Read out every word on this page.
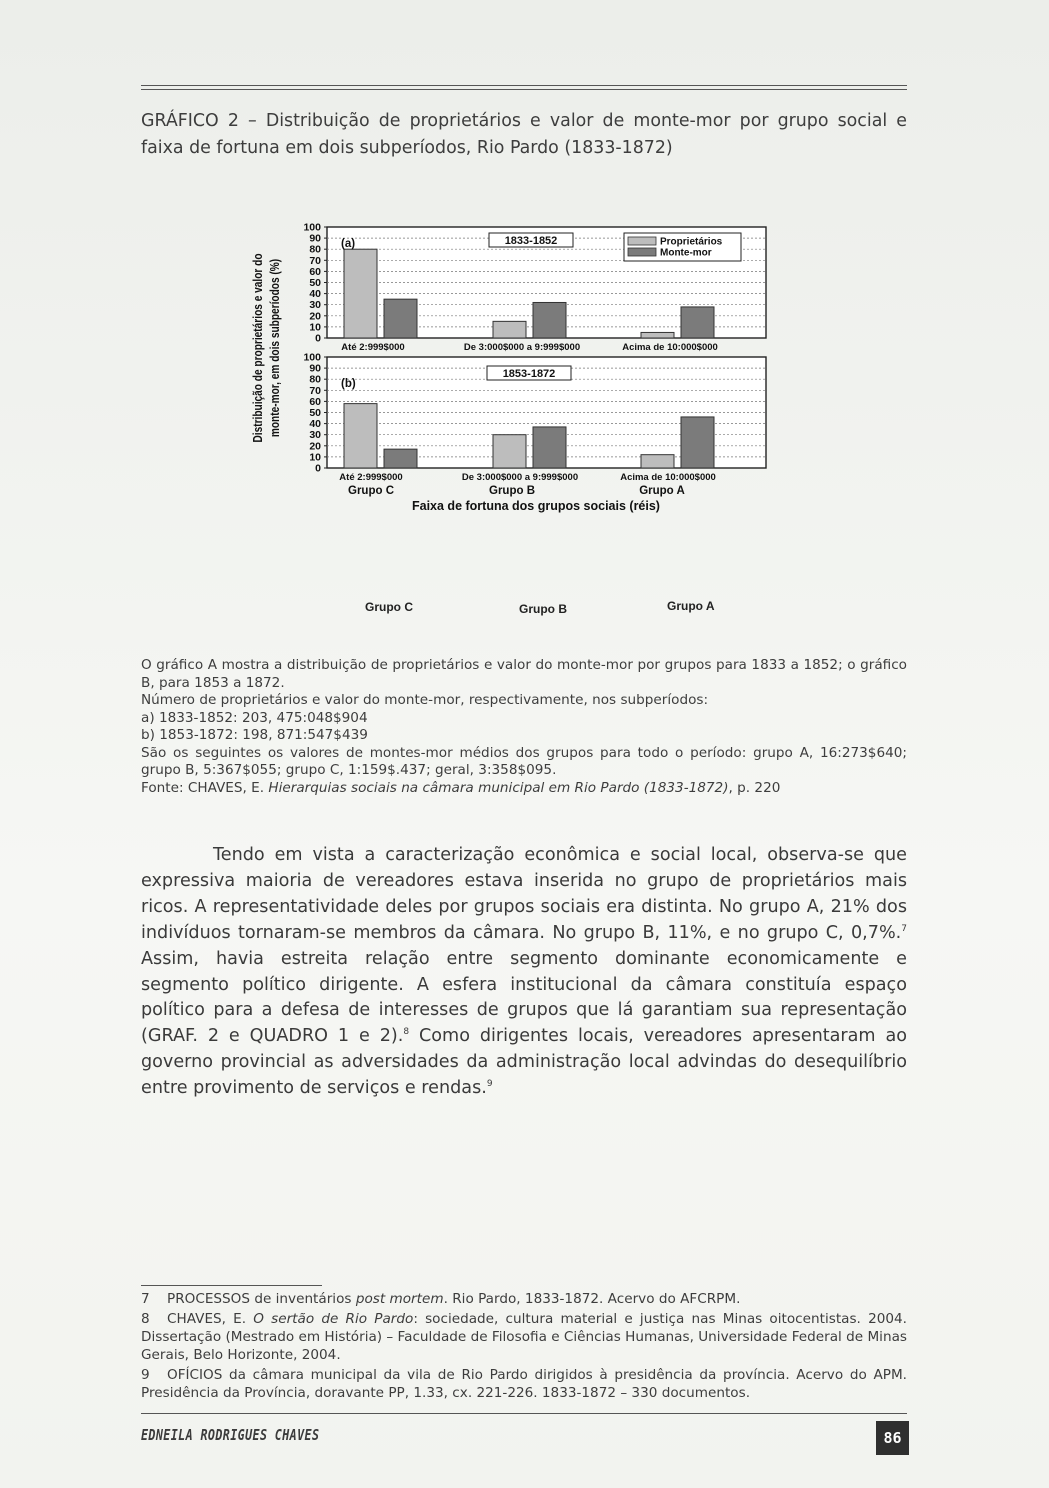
GRÁFICO 2 – Distribuição de proprietários e valor de monte-mor por grupo social e faixa de fortuna em dois subperíodos, Rio Pardo (1833-1872)
0
10
20
30
40
50
60
70
80
90
100
(a)	1833-1852
Até 2:999$000	De 3:000$000 a 9:999$000	Acima de 10:000$000
0
10
20
30
40
50
60
70
80
90
100
(b)
1853-1872
Até 2:999$000	De 3:000$000 a 9:999$000	Acima de 10:000$000
Proprietários
Monte-mor
Grupo C	Grupo B	Grupo A
Faixa de fortuna dos grupos sociais (réis)
Distribuição de proprietários e valor do monte-mor, em dois subperíodos (%)
Grupo C	Grupo B	Grupo A

O gráfico A mostra a distribuição de proprietários e valor do monte-mor por grupos para 1833 a 1852; o gráfico B, para 1853 a 1872.

Número de proprietários e valor do monte-mor, respectivamente, nos subperíodos:

a) 1833-1852: 203, 475:048$904

b) 1853-1872: 198, 871:547$439

São os seguintes os valores de montes-mor médios dos grupos para todo o período: grupo A, 16:273$640; grupo B, 5:367$055; grupo C, 1:159$.437; geral, 3:358$095.

Fonte: CHAVES, E. Hierarquias sociais na câmara municipal em Rio Pardo (1833-1872), p. 220

Tendo em vista a caracterização econômica e social local, observa-se que expressiva maioria de vereadores estava inserida no grupo de proprietários mais ricos. A representatividade deles por grupos sociais era distinta. No grupo A, 21% dos indivíduos tornaram-se membros da câmara. No grupo B, 11%, e no grupo C, 0,7%.$^7$ Assim, havia estreita relação entre segmento dominante economicamente e segmento político dirigente. A esfera institucional da câmara constituía espaço político para a defesa de interesses de grupos que lá garantiam sua representação (GRAF. 2 e QUADRO 1 e 2).$^8$ Como dirigentes locais, vereadores apresentaram ao governo provincial as adversidades da administração local advindas do desequilíbrio entre provimento de serviços e rendas.$^9$

7 PROCESSOS de inventários post mortem. Rio Pardo, 1833-1872. Acervo do AFCRPM.

8 CHAVES, E. O sertão de Rio Pardo: sociedade, cultura material e justiça nas Minas oitocentistas. 2004. Dissertação (Mestrado em História) – Faculdade de Filosofia e Ciências Humanas, Universidade Federal de Minas Gerais, Belo Horizonte, 2004.

9 OFÍCIOS da câmara municipal da vila de Rio Pardo dirigidos à presidência da província. Acervo do APM. Presidência da Província, doravante PP, 1.33, cx. 221-226. 1833-1872 – 330 documentos.

EDNEILA RODRIGUES CHAVES	86
